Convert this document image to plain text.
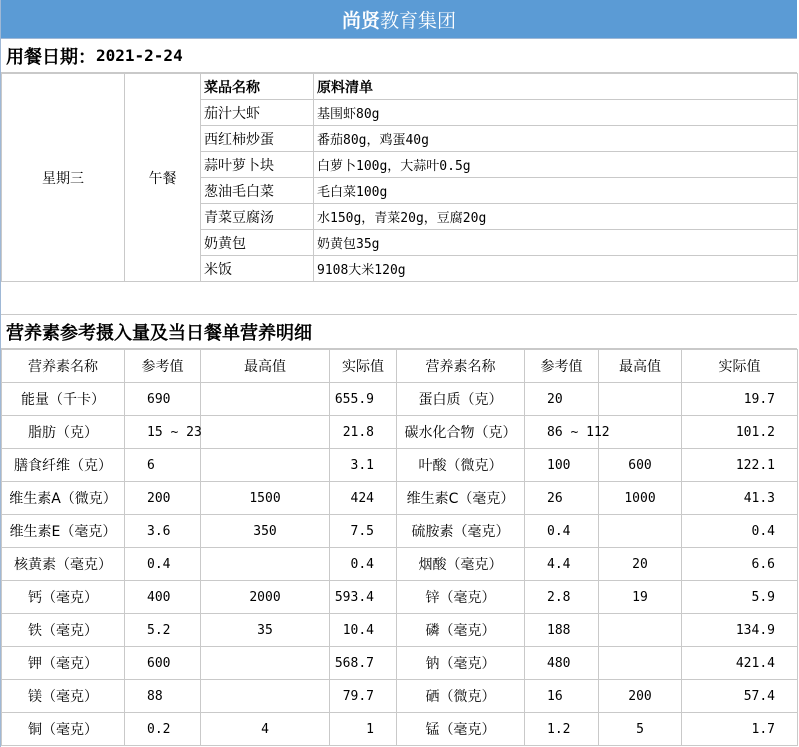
尚贤 教育集团
用餐日期： 2021-2-24
星期三	午餐	菜品名称	原料清单
		茄汁大虾	基围虾80g
		西红柿炒蛋	番茄80g，鸡蛋40g
		蒜叶萝卜块	白萝卜100g，大蒜叶0.5g
		葱油毛白菜	毛白菜100g
		青菜豆腐汤	水150g，青菜20g，豆腐20g
		奶黄包	奶黄包35g
		米饭	9108大米120g
营养素参考摄入量及当日餐单营养明细
营养素名称	参考值	最高值	实际值	营养素名称	参考值	最高值	实际值
能量（千卡）	690		655.9	蛋白质（克）	20		19.7
脂肪（克）	15 ~ 23		21.8	碳水化合物（克）	86 ~ 112		101.2
膳食纤维（克）	6		3.1	叶酸（微克）	100	600	122.1
维生素A（微克）	200	1500	424	维生素C（毫克）	26	1000	41.3
维生素E（毫克）	3.6	350	7.5	硫胺素（毫克）	0.4		0.4
核黄素（毫克）	0.4		0.4	烟酸（毫克）	4.4	20	6.6
钙（毫克）	400	2000	593.4	锌（毫克）	2.8	19	5.9
铁（毫克）	5.2	35	10.4	磷（毫克）	188		134.9
钾（毫克）	600		568.7	钠（毫克）	480		421.4
镁（毫克）	88		79.7	硒（微克）	16	200	57.4
铜（毫克）	0.2	4	1	锰（毫克）	1.2	5	1.7
